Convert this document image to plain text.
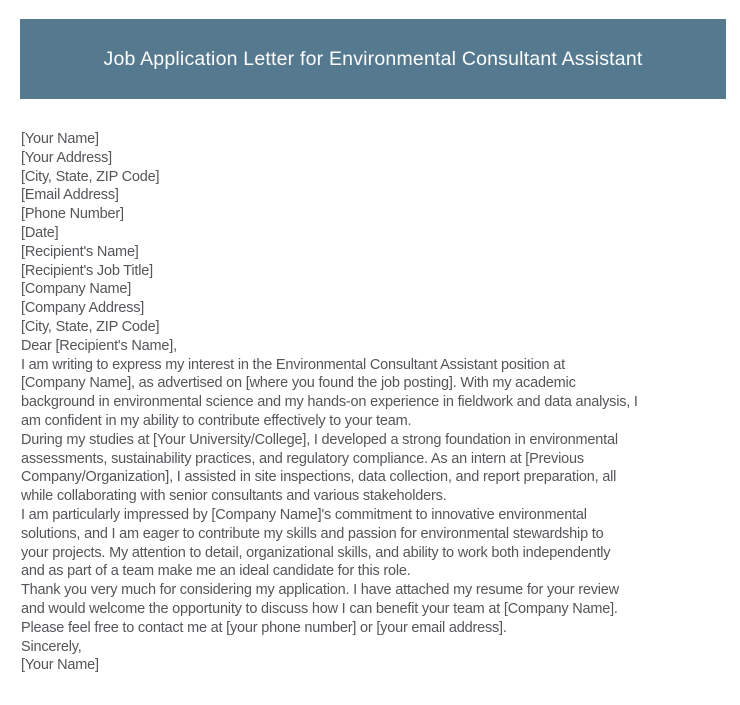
Job Application Letter for Environmental Consultant Assistant
[Your Name]
[Your Address]
[City, State, ZIP Code]
[Email Address]
[Phone Number]
[Date]
[Recipient's Name]
[Recipient's Job Title]
[Company Name]
[Company Address]
[City, State, ZIP Code]
Dear [Recipient's Name],
I am writing to express my interest in the Environmental Consultant Assistant position at
[Company Name], as advertised on [where you found the job posting]. With my academic
background in environmental science and my hands-on experience in fieldwork and data analysis, I
am confident in my ability to contribute effectively to your team.
During my studies at [Your University/College], I developed a strong foundation in environmental
assessments, sustainability practices, and regulatory compliance. As an intern at [Previous
Company/Organization], I assisted in site inspections, data collection, and report preparation, all
while collaborating with senior consultants and various stakeholders.
I am particularly impressed by [Company Name]'s commitment to innovative environmental
solutions, and I am eager to contribute my skills and passion for environmental stewardship to
your projects. My attention to detail, organizational skills, and ability to work both independently
and as part of a team make me an ideal candidate for this role.
Thank you very much for considering my application. I have attached my resume for your review
and would welcome the opportunity to discuss how I can benefit your team at [Company Name].
Please feel free to contact me at [your phone number] or [your email address].
Sincerely,
[Your Name]
